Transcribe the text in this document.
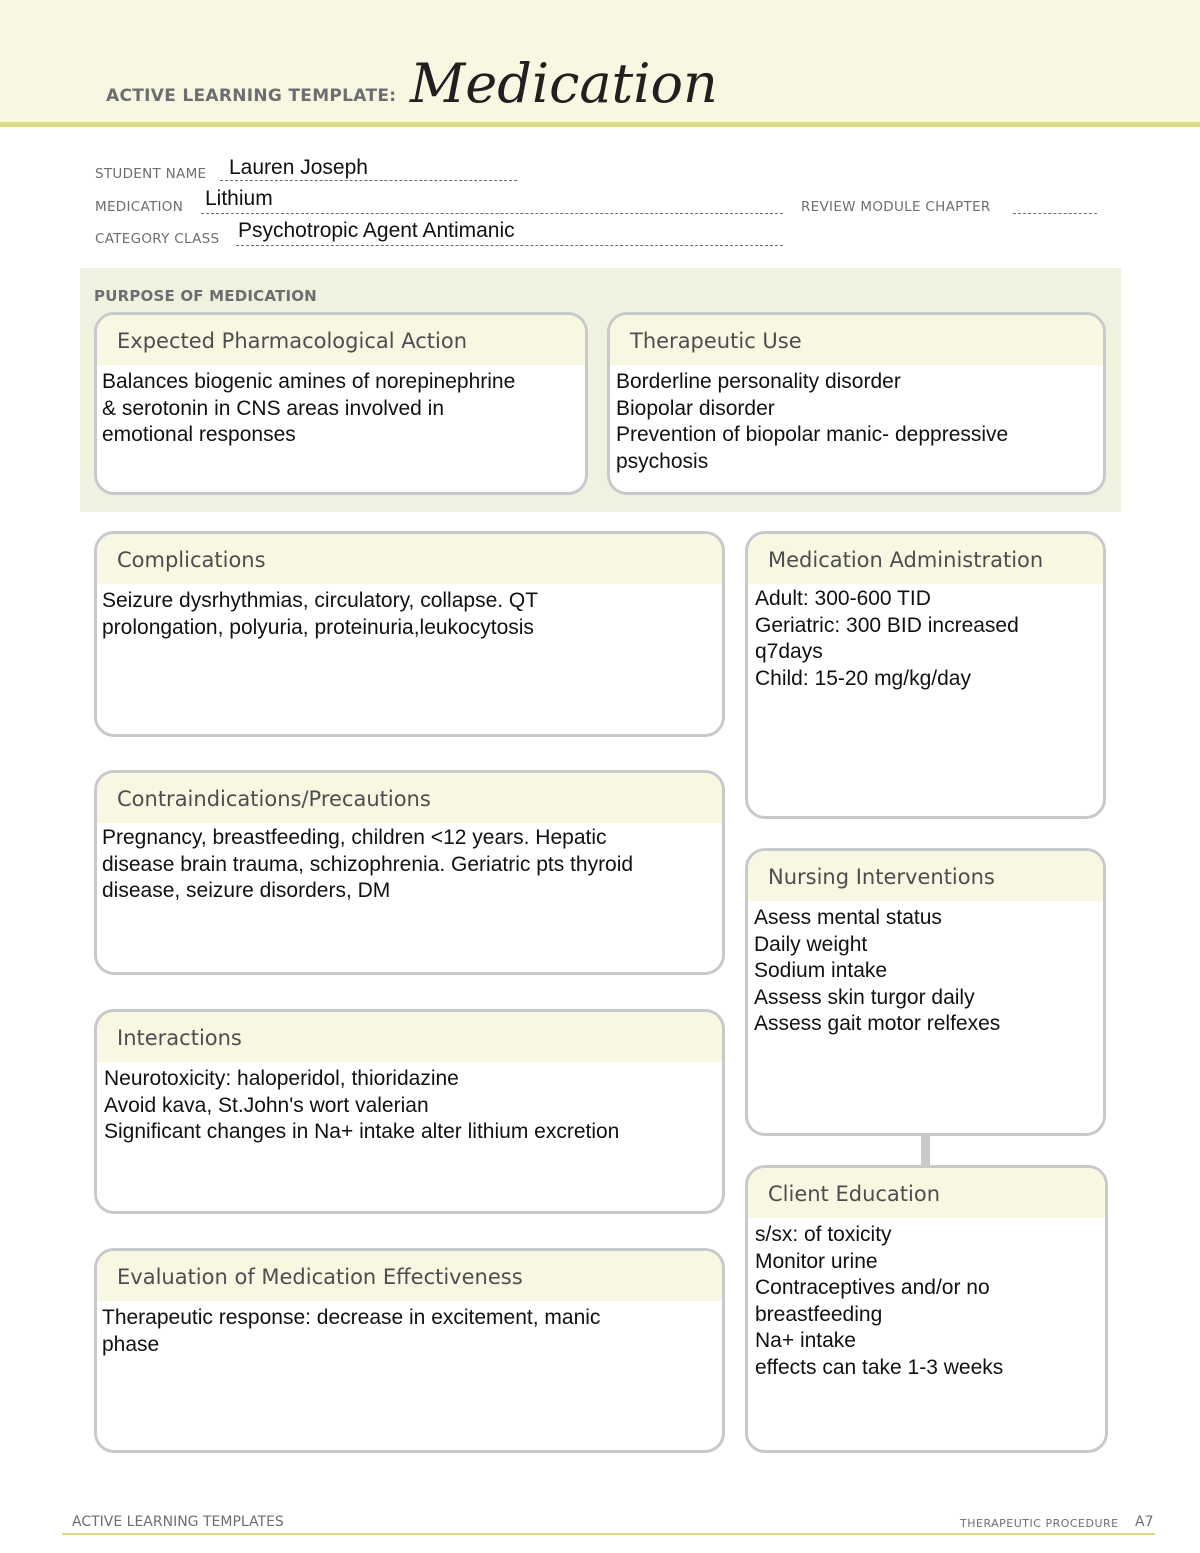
ACTIVE LEARNING TEMPLATE: Medication
STUDENT NAME Lauren Joseph
MEDICATION Lithium	REVIEW MODULE CHAPTER
CATEGORY CLASS Psychotropic Agent Antimanic
PURPOSE OF MEDICATION
Expected Pharmacological Action
Balances biogenic amines of norepinephrine
& serotonin in CNS areas involved in
emotional responses
Therapeutic Use
Borderline personality disorder
Biopolar disorder
Prevention of biopolar manic- deppressive
psychosis
Complications
Seizure dysrhythmias, circulatory, collapse. QT
prolongation, polyuria, proteinuria,leukocytosis
Contraindications/Precautions
Pregnancy, breastfeeding, children <12 years. Hepatic
disease brain trauma, schizophrenia. Geriatric pts thyroid
disease, seizure disorders, DM
Interactions
Neurotoxicity: haloperidol, thioridazine
Avoid kava, St.John's wort valerian
Significant changes in Na+ intake alter lithium excretion
Evaluation of Medication Effectiveness
Therapeutic response: decrease in excitement, manic
phase
Medication Administration
Adult: 300-600 TID
Geriatric: 300 BID increased
q7days
Child: 15-20 mg/kg/day
Nursing Interventions
Asess mental status
Daily weight
Sodium intake
Assess skin turgor daily
Assess gait motor relfexes
Client Education
s/sx: of toxicity
Monitor urine
Contraceptives and/or no
breastfeeding
Na+ intake
effects can take 1-3 weeks
ACTIVE LEARNING TEMPLATES	THERAPEUTIC PROCEDURE A7
